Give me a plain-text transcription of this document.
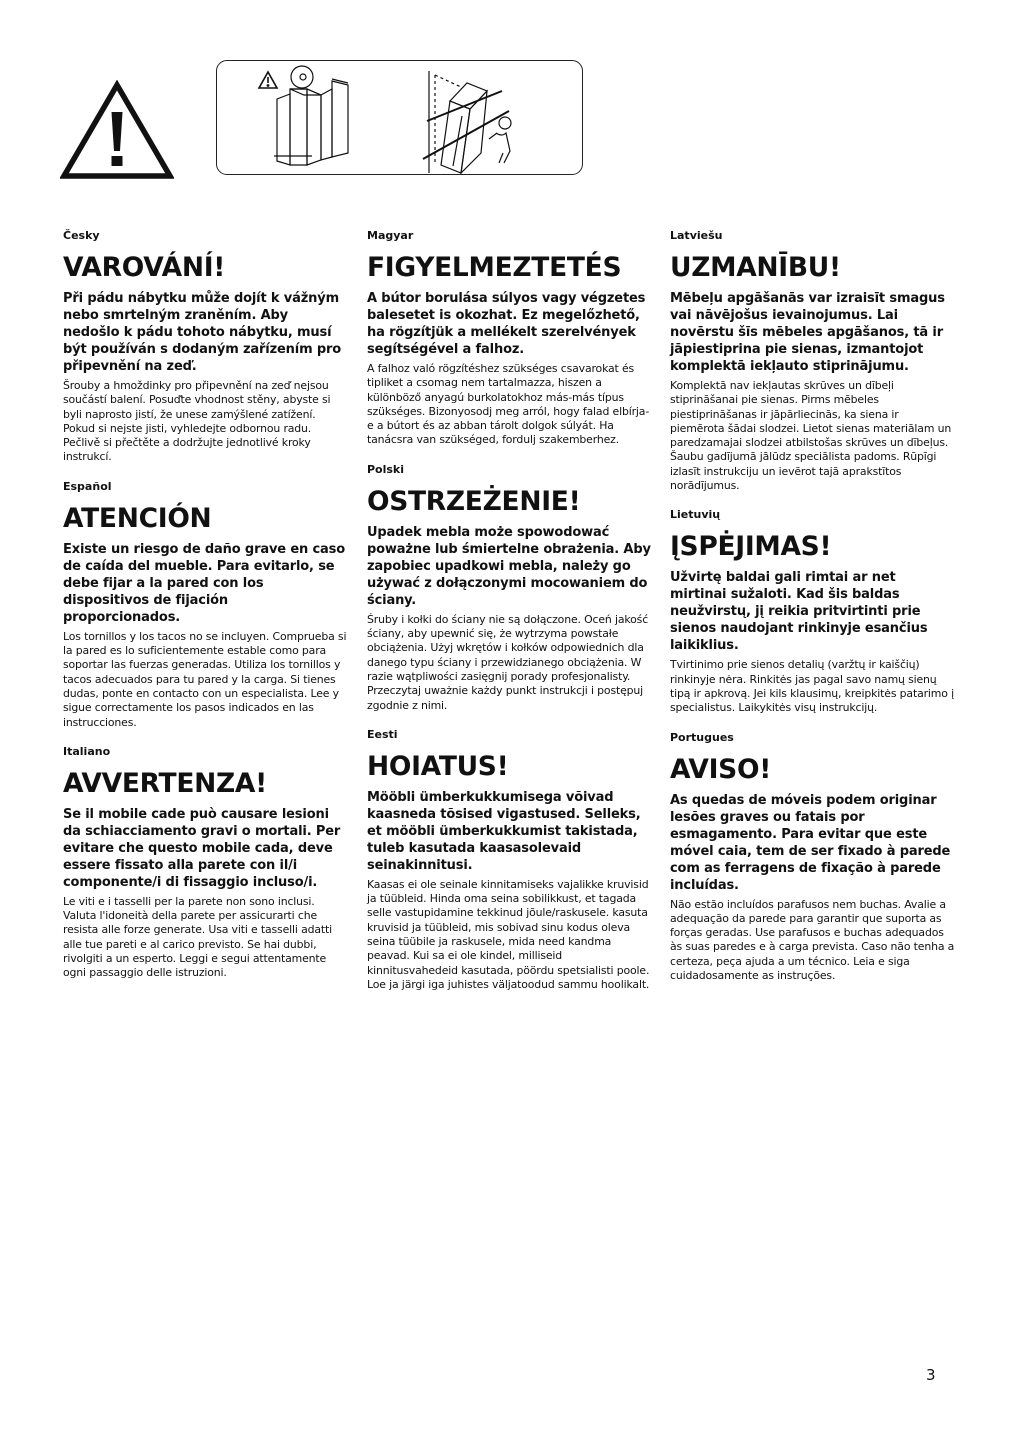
Česky

VAROVÁNÍ!

Při pádu nábytku může dojít k vážným nebo smrtelným zraněním. Aby nedošlo k pádu tohoto nábytku, musí být používán s dodaným zařízením pro připevnění na zeď.

Šrouby a hmoždinky pro připevnění na zeď nejsou součástí balení. Posuďte vhodnost stěny, abyste si byli naprosto jistí, že unese zamýšlené zatížení. Pokud si nejste jisti, vyhledejte odbornou radu. Pečlivě si přečtěte a dodržujte jednotlivé kroky instrukcí.

Español

ATENCIÓN

Existe un riesgo de daño grave en caso de caída del mueble. Para evitarlo, se debe fijar a la pared con los dispositivos de fijación proporcionados.

Los tornillos y los tacos no se incluyen. Comprueba si la pared es lo suficientemente estable como para soportar las fuerzas generadas. Utiliza los tornillos y tacos adecuados para tu pared y la carga. Si tienes dudas, ponte en contacto con un especialista. Lee y sigue correctamente los pasos indicados en las instrucciones.

Italiano

AVVERTENZA!

Se il mobile cade può causare lesioni da schiacciamento gravi o mortali. Per evitare che questo mobile cada, deve essere fissato alla parete con il/i componente/i di fissaggio incluso/i.

Le viti e i tasselli per la parete non sono inclusi. Valuta l'idoneità della parete per assicurarti che resista alle forze generate. Usa viti e tasselli adatti alle tue pareti e al carico previsto. Se hai dubbi, rivolgiti a un esperto. Leggi e segui attentamente ogni passaggio delle istruzioni.

Magyar

FIGYELMEZTETÉS

A bútor borulása súlyos vagy végzetes balesetet is okozhat. Ez megelőzhető, ha rögzítjük a mellékelt szerelvények segítségével a falhoz.

A falhoz való rögzítéshez szükséges csavarokat és tipliket a csomag nem tartalmazza, hiszen a különböző anyagú burkolatokhoz más-más típus szükséges. Bizonyosodj meg arról, hogy falad elbírja-e a bútort és az abban tárolt dolgok súlyát. Ha tanácsra van szükséged, fordulj szakemberhez.

Polski

OSTRZEŻENIE!

Upadek mebla może spowodować poważne lub śmiertelne obrażenia. Aby zapobiec upadkowi mebla, należy go używać z dołączonymi mocowaniem do ściany.

Śruby i kołki do ściany nie są dołączone. Oceń jakość ściany, aby upewnić się, że wytrzyma powstałe obciążenia. Użyj wkrętów i kołków odpowiednich dla danego typu ściany i przewidzianego obciążenia. W razie wątpliwości zasięgnij porady profesjonalisty. Przeczytaj uważnie każdy punkt instrukcji i postępuj zgodnie z nimi.

Eesti

HOIATUS!

Mööbli ümberkukkumisega võivad kaasneda tõsised vigastused. Selleks, et mööbli ümberkukkumist takistada, tuleb kasutada kaasasolevaid seinakinnitusi.

Kaasas ei ole seinale kinnitamiseks vajalikke kruvisid ja tüübleid. Hinda oma seina sobilikkust, et tagada selle vastupidamine tekkinud jõule/raskusele. kasuta kruvisid ja tüübleid, mis sobivad sinu kodus oleva seina tüübile ja raskusele, mida need kandma peavad. Kui sa ei ole kindel, milliseid kinnitusvahedeid kasutada, pöördu spetsialisti poole. Loe ja järgi iga juhistes väljatoodud sammu hoolikalt.

Latviešu

UZMANĪBU!

Mēbeļu apgāšanās var izraisīt smagus vai nāvējošus ievainojumus. Lai novērstu šīs mēbeles apgāšanos, tā ir jāpiestiprina pie sienas, izmantojot komplektā iekļauto stiprinājumu.

Komplektā nav iekļautas skrūves un dībeļi stiprināšanai pie sienas. Pirms mēbeles piestiprināšanas ir jāpārliecinās, ka siena ir piemērota šādai slodzei. Lietot sienas materiālam un paredzamajai slodzei atbilstošas skrūves un dībeļus. Šaubu gadījumā jālūdz speciālista padoms. Rūpīgi izlasīt instrukciju un ievērot tajā aprakstītos norādījumus.

Lietuvių

ĮSPĖJIMAS!

Užvirtę baldai gali rimtai ar net mirtinai sužaloti. Kad šis baldas neužvirstų, jį reikia pritvirtinti prie sienos naudojant rinkinyje esančius laikiklius.

Tvirtinimo prie sienos detalių (varžtų ir kaiščių) rinkinyje nėra. Rinkitės jas pagal savo namų sienų tipą ir apkrovą. Jei kils klausimų, kreipkitės patarimo į specialistus. Laikykitės visų instrukcijų.

Portugues

AVISO!

As quedas de móveis podem originar lesões graves ou fatais por esmagamento. Para evitar que este móvel caia, tem de ser fixado à parede com as ferragens de fixação à parede incluídas.

Não estão incluídos parafusos nem buchas. Avalie a adequação da parede para garantir que suporta as forças geradas. Use parafusos e buchas adequados às suas paredes e à carga prevista. Caso não tenha a certeza, peça ajuda a um técnico. Leia e siga cuidadosamente as instruções.

3
